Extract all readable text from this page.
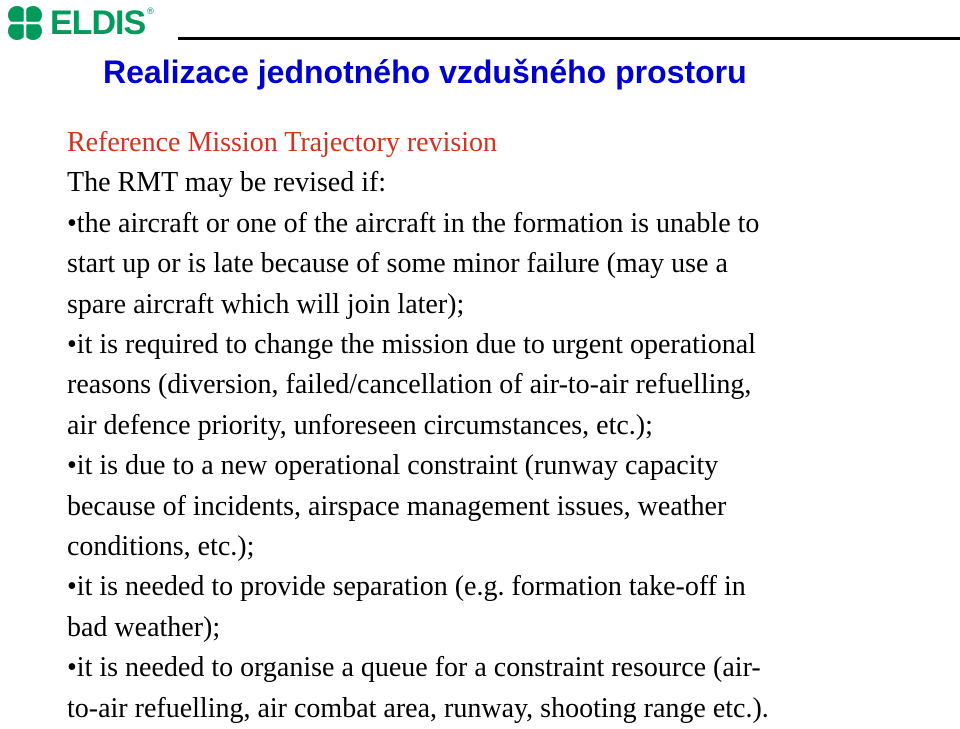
ELDIS ®
Realizace jednotného vzdušného prostoru
Reference Mission Trajectory revision
The RMT may be revised if:
•the aircraft or one of the aircraft in the formation is unable to
start up or is late because of some minor failure (may use a
spare aircraft which will join later);
•it is required to change the mission due to urgent operational
reasons (diversion, failed/cancellation of air-to-air refuelling,
air defence priority, unforeseen circumstances, etc.);
•it is due to a new operational constraint (runway capacity
because of incidents, airspace management issues, weather
conditions, etc.);
•it is needed to provide separation (e.g. formation take-off in
bad weather);
•it is needed to organise a queue for a constraint resource (air-
to-air refuelling, air combat area, runway, shooting range etc.).
